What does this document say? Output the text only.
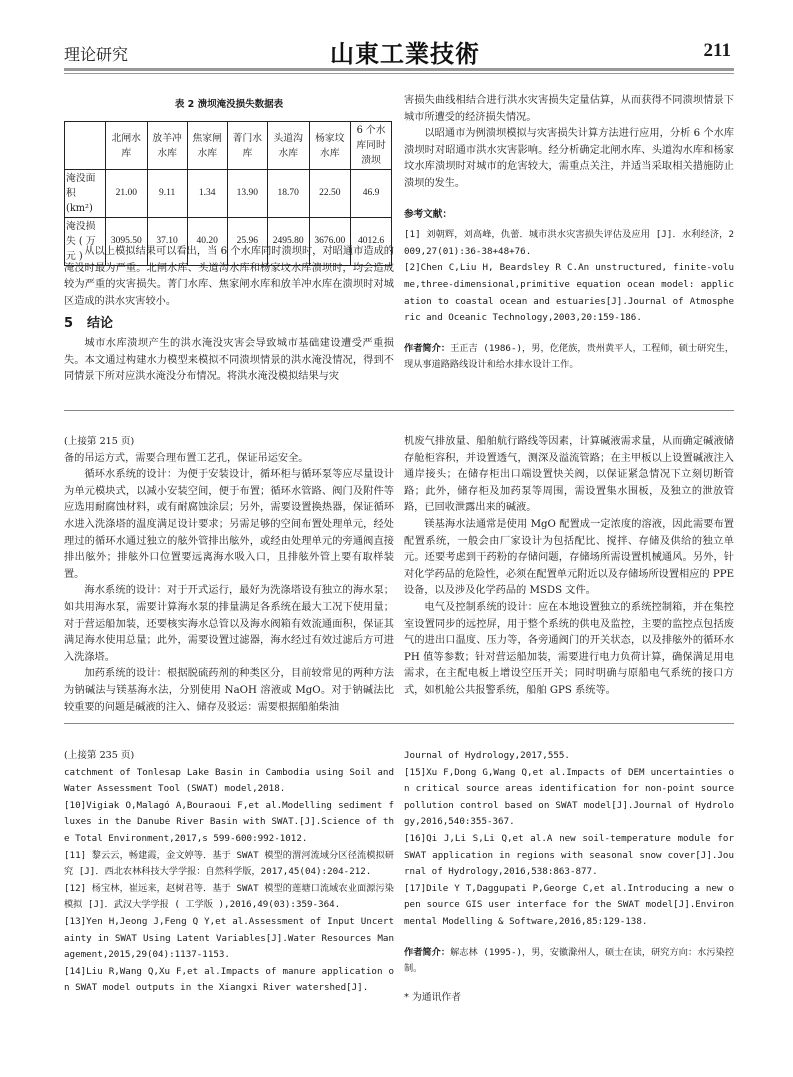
理论研究	山東工業技術	211
表 2 溃坝淹没损失数据表
	北闸水库	放羊冲水库	焦家闸水库	菁门水库	头道沟水库	杨家坟水库	6 个水库同时溃坝
淹没面积 (km²)	21.00	9.11	1.34	13.90	18.70	22.50	46.9
淹没损失 ( 万元 )	3095.50	37.10	40.20	25.96	2495.80	3676.00	4012.6

从以上模拟结果可以看出，当 6 个水库同时溃坝时，对昭通市造成的淹没时最为严重。北闸水库、头道沟水库和杨家坟水库溃坝时，均会造成较为严重的灾害损失。菁门水库、焦家闸水库和放羊冲水库在溃坝时对城区造成的洪水灾害较小。

5 结论

城市水库溃坝产生的洪水淹没灾害会导致城市基础建设遭受严重损失。本文通过构建水力模型来模拟不同溃坝情景的洪水淹没情况，得到不同情景下所对应洪水淹没分布情况。将洪水淹没模拟结果与灾

害损失曲线相结合进行洪水灾害损失定量估算，从而获得不同溃坝情景下城市所遭受的经济损失情况。

以昭通市为例溃坝模拟与灾害损失计算方法进行应用，分析 6 个水库溃坝时对昭通市洪水灾害影响。经分析确定北闸水库、头道沟水库和杨家坟水库溃坝时对城市的危害较大，需重点关注，并适当采取相关措施防止溃坝的发生。

参考文献：

[1] 刘朝辉，刘高峰，仇蕾．城市洪水灾害损失评估及应用 [J]．水利经济，2009,27(01):36-38+48+76.

[2]Chen C,Liu H, Beardsley R C.An unstructured, finite-volume,three-dimensional,primitive equation ocean model: application to coastal ocean and estuaries[J].Journal of Atmospheric and Oceanic Technology,2003,20:159-186.

作者简介：王正吉 (1986-)，男，仡佬族，贵州黄平人，工程师，硕士研究生，现从事道路路线设计和给水排水设计工作。

(上接第 215 页)

备的吊运方式，需要合理布置工艺孔，保证吊运安全。

循环水系统的设计：为便于安装设计，循环柜与循环泵等应尽量设计为单元模块式，以减小安装空间，便于布置；循环水管路、阀门及附件等应选用耐腐蚀材料，或有耐腐蚀涂层；另外，需要设置换热器，保证循环水进入洗涤塔的温度满足设计要求；另需足够的空间布置处理单元，经处理过的循环水通过独立的舷外管排出舷外，或经由处理单元的旁通阀直接排出舷外；排舷外口位置要远离海水吸入口，且排舷外管上要有取样装置。

海水系统的设计：对于开式运行，最好为洗涤塔设有独立的海水泵；如共用海水泵，需要计算海水泵的排量满足各系统在最大工况下使用量；对于营运船加装，还要核实海水总管以及海水阀箱有效流通面积，保证其满足海水使用总量；此外，需要设置过滤器，海水经过有效过滤后方可进入洗涤塔。

加药系统的设计：根据脱硫药剂的种类区分，目前较常见的两种方法为钠碱法与镁基海水法，分别使用 NaOH 溶液或 MgO。对于钠碱法比较重要的问题是碱液的注入、储存及驳运：需要根据船舶柴油

机废气排放量、船舶航行路线等因素，计算碱液需求量，从而确定碱液储存舱柜容积，并设置透气，测深及溢流管路；在主甲板以上设置碱液注入通岸接头；在储存柜出口端设置快关阀，以保证紧急情况下立刻切断管路；此外，储存柜及加药泵等周围，需设置集水围板，及独立的泄放管路，已回收泄露出来的碱液。

镁基海水法通常是使用 MgO 配置成一定浓度的溶液，因此需要布置配置系统，一般会由厂家设计为包括配比、搅拌、存储及供给的独立单元。还要考虑到干药粉的存储问题，存储场所需设置机械通风。另外，针对化学药品的危险性，必须在配置单元附近以及存储场所设置相应的 PPE 设备，以及涉及化学药品的 MSDS 文件。

电气及控制系统的设计：应在本地设置独立的系统控制箱，并在集控室设置同步的远控屏，用于整个系统的供电及监控，主要的监控点包括废气的进出口温度、压力等，各旁通阀门的开关状态，以及排舷外的循环水 PH 值等参数；针对营运船加装，需要进行电力负荷计算，确保满足用电需求，在主配电板上增设空压开关；同时明确与原船电气系统的接口方式，如机舱公共报警系统，船舶 GPS 系统等。

(上接第 235 页)

catchment of Tonlesap Lake Basin in Cambodia using Soil and Water Assessment Tool (SWAT) model,2018.

[10]Vigiak O,Malagó A,Bouraoui F,et al.Modelling sediment fluxes in the Danube River Basin with SWAT.[J].Science of the Total Environment,2017,s 599-600:992-1012.

[11] 黎云云，畅建霞，金文婷等．基于 SWAT 模型的渭河流域分区径流模拟研究 [J]．西北农林科技大学学报：自然科学版，2017,45(04):204-212.

[12] 杨宝林，崔远来，赵树君等．基于 SWAT 模型的莲塘口流域农业面源污染模拟 [J]．武汉大学学报 ( 工学版 ),2016,49(03):359-364.

[13]Yen H,Jeong J,Feng Q Y,et al.Assessment of Input Uncertainty in SWAT Using Latent Variables[J].Water Resources Management,2015,29(04):1137-1153.

[14]Liu R,Wang Q,Xu F,et al.Impacts of manure application on SWAT model outputs in the Xiangxi River watershed[J].

Journal of Hydrology,2017,555.

[15]Xu F,Dong G,Wang Q,et al.Impacts of DEM uncertainties on critical source areas identification for non-point source pollution control based on SWAT model[J].Journal of Hydrology,2016,540:355-367.

[16]Qi J,Li S,Li Q,et al.A new soil-temperature module for SWAT application in regions with seasonal snow cover[J].Journal of Hydrology,2016,538:863-877.

[17]Dile Y T,Daggupati P,George C,et al.Introducing a new open source GIS user interface for the SWAT model[J].Environmental Modelling & Software,2016,85:129-138.

作者简介：解志林 (1995-)，男，安徽滁州人，硕士在读，研究方向：水污染控制。

* 为通讯作者
